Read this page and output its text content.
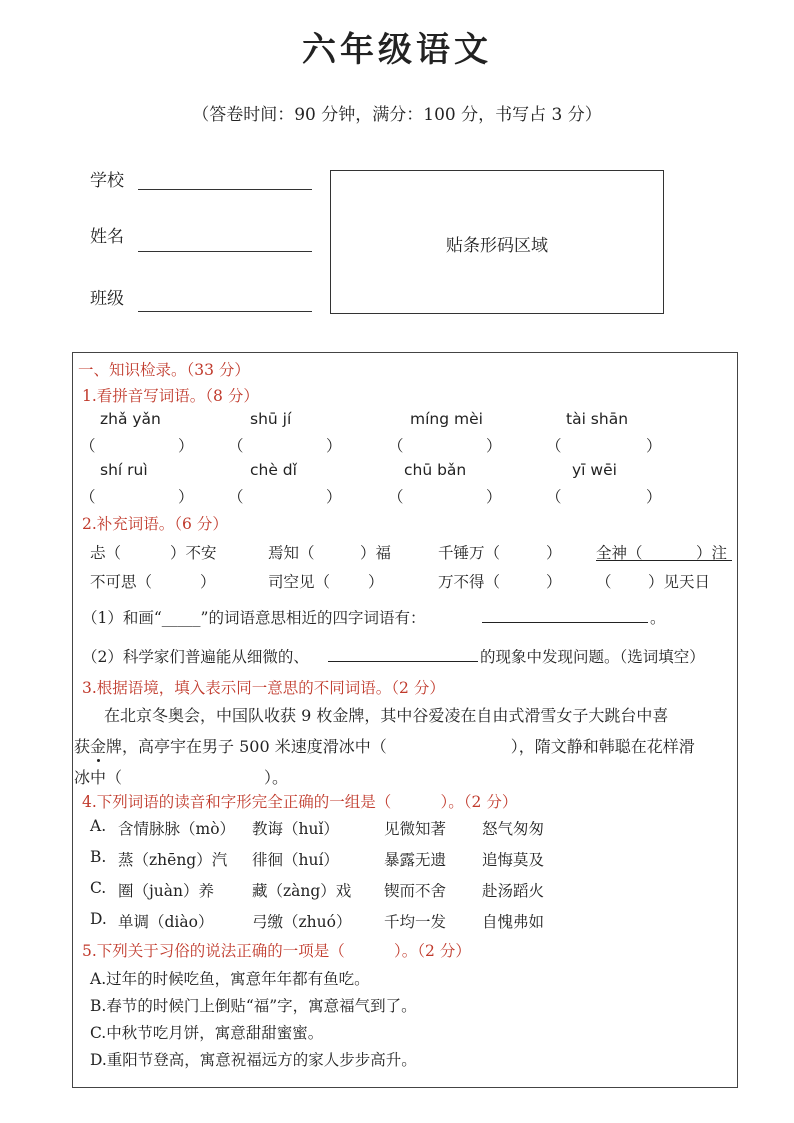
六年级语文
（答卷时间：90 分钟，满分：100 分，书写占 3 分）
学校
姓名
班级
贴条形码区域
一、知识检录。（33 分）
1.看拼音写词语。（8 分）
zhǎ yǎn	shū jí	míng mèi	tài shān
（	） （	）	（	）	（	）
shí ruì	chè dǐ	chū bǎn	yī wēi
（	） （	）	（	）	（	）
2.补充词语。（6 分）
忐（	）不安	焉知（	）福	千锤万（	） 全神（	）注
不可思（	）	司空见（ ）	万不得（	） （ ）见天日
（1）和画“_____”的词语意思相近的四字词语有：	。
（2）科学家们普遍能从细微的、	的现象中发现问题。（选词填空）
3.根据语境，填入表示同一意思的不同词语。（2 分）
在北京冬奥会，中国队收获 9 枚金牌，其中谷爱凌在自由式滑雪女子大跳台中喜
获金牌，高亭宇在男子 500 米速度滑冰中（	），隋文静和韩聪在花样滑
冰中（	）。
4.下列词语的读音和字形完全正确的一组是（          ）。（2 分）
A. 含情脉脉（mò） 教诲（huǐ）	见微知著 怒气匆匆
B. 蒸（zhēng）汽 徘徊（huí）	暴露无遗 追悔莫及
C. 圈（juàn）养 藏（zàng）戏 锲而不舍 赴汤蹈火
D. 单调（diào） 弓缴（zhuó） 千均一发 自愧弗如
5.下列关于习俗的说法正确的一项是（          ）。（2 分）
A.过年的时候吃鱼，寓意年年都有鱼吃。
B.春节的时候门上倒贴“福”字，寓意福气到了。
C.中秋节吃月饼，寓意甜甜蜜蜜。
D.重阳节登高，寓意祝福远方的家人步步高升。
